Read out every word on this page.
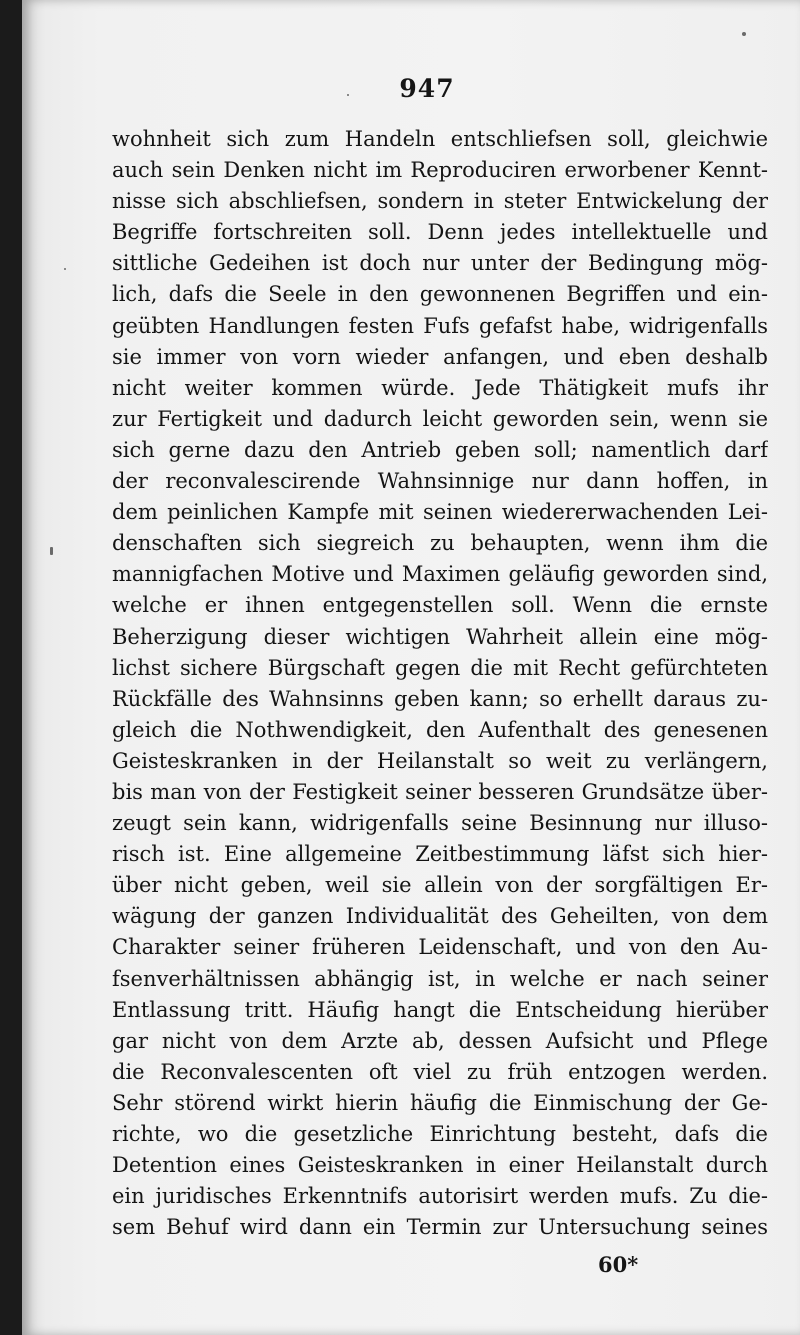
947
wohnheit sich zum Handeln entschliefsen soll, gleichwie
auch sein Denken nicht im Reproduciren erworbener Kennt-
nisse sich abschliefsen, sondern in steter Entwickelung der
Begriffe fortschreiten soll. Denn jedes intellektuelle und
sittliche Gedeihen ist doch nur unter der Bedingung mög-
lich, dafs die Seele in den gewonnenen Begriffen und ein-
geübten Handlungen festen Fufs gefafst habe, widrigenfalls
sie immer von vorn wieder anfangen, und eben deshalb
nicht weiter kommen würde. Jede Thätigkeit mufs ihr
zur Fertigkeit und dadurch leicht geworden sein, wenn sie
sich gerne dazu den Antrieb geben soll; namentlich darf
der reconvalescirende Wahnsinnige nur dann hoffen, in
dem peinlichen Kampfe mit seinen wiedererwachenden Lei-
denschaften sich siegreich zu behaupten, wenn ihm die
mannigfachen Motive und Maximen geläufig geworden sind,
welche er ihnen entgegenstellen soll. Wenn die ernste
Beherzigung dieser wichtigen Wahrheit allein eine mög-
lichst sichere Bürgschaft gegen die mit Recht gefürchteten
Rückfälle des Wahnsinns geben kann; so erhellt daraus zu-
gleich die Nothwendigkeit, den Aufenthalt des genesenen
Geisteskranken in der Heilanstalt so weit zu verlängern,
bis man von der Festigkeit seiner besseren Grundsätze über-
zeugt sein kann, widrigenfalls seine Besinnung nur illuso-
risch ist. Eine allgemeine Zeitbestimmung läfst sich hier-
über nicht geben, weil sie allein von der sorgfältigen Er-
wägung der ganzen Individualität des Geheilten, von dem
Charakter seiner früheren Leidenschaft, und von den Au-
fsenverhältnissen abhängig ist, in welche er nach seiner
Entlassung tritt. Häufig hangt die Entscheidung hierüber
gar nicht von dem Arzte ab, dessen Aufsicht und Pflege
die Reconvalescenten oft viel zu früh entzogen werden.
Sehr störend wirkt hierin häufig die Einmischung der Ge-
richte, wo die gesetzliche Einrichtung besteht, dafs die
Detention eines Geisteskranken in einer Heilanstalt durch
ein juridisches Erkenntnifs autorisirt werden mufs. Zu die-
sem Behuf wird dann ein Termin zur Untersuchung seines
60*
